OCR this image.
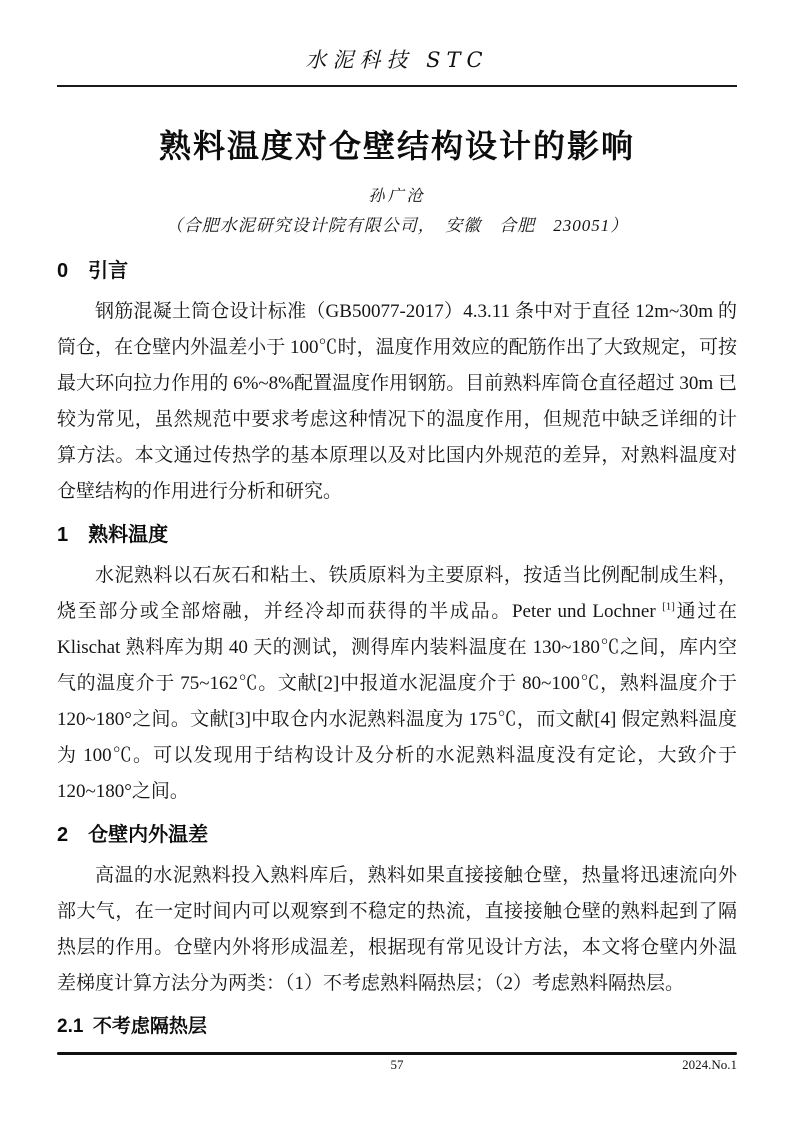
水泥科技 STC
熟料温度对仓壁结构设计的影响
孙广沧
（合肥水泥研究设计院有限公司，　安徽　合肥　230051）
0 引言

钢筋混凝土筒仓设计标准（GB50077-2017）4.3.11 条中对于直径 12m~30m 的筒仓，在仓壁内外温差小于 100℃时，温度作用效应的配筋作出了大致规定，可按最大环向拉力作用的 6%~8%配置温度作用钢筋。目前熟料库筒仓直径超过 30m 已较为常见，虽然规范中要求考虑这种情况下的温度作用，但规范中缺乏详细的计算方法。本文通过传热学的基本原理以及对比国内外规范的差异，对熟料温度对仓壁结构的作用进行分析和研究。

1 熟料温度

水泥熟料以石灰石和粘土、铁质原料为主要原料，按适当比例配制成生料，烧至部分或全部熔融，并经冷却而获得的半成品。Peter und Lochner [1]通过在 Klischat 熟料库为期 40 天的测试，测得库内装料温度在 130~180℃之间，库内空气的温度介于 75~162℃。文献[2]中报道水泥温度介于 80~100℃，熟料温度介于 120~180°之间。文献[3]中取仓内水泥熟料温度为 175℃，而文献[4] 假定熟料温度为 100℃。可以发现用于结构设计及分析的水泥熟料温度没有定论，大致介于 120~180°之间。

2 仓壁内外温差

高温的水泥熟料投入熟料库后，熟料如果直接接触仓壁，热量将迅速流向外部大气，在一定时间内可以观察到不稳定的热流，直接接触仓壁的熟料起到了隔热层的作用。仓壁内外将形成温差，根据现有常见设计方法，本文将仓壁内外温差梯度计算方法分为两类：（1）不考虑熟料隔热层；（2）考虑熟料隔热层。

2.1 不考虑隔热层
57	2024.No.1
